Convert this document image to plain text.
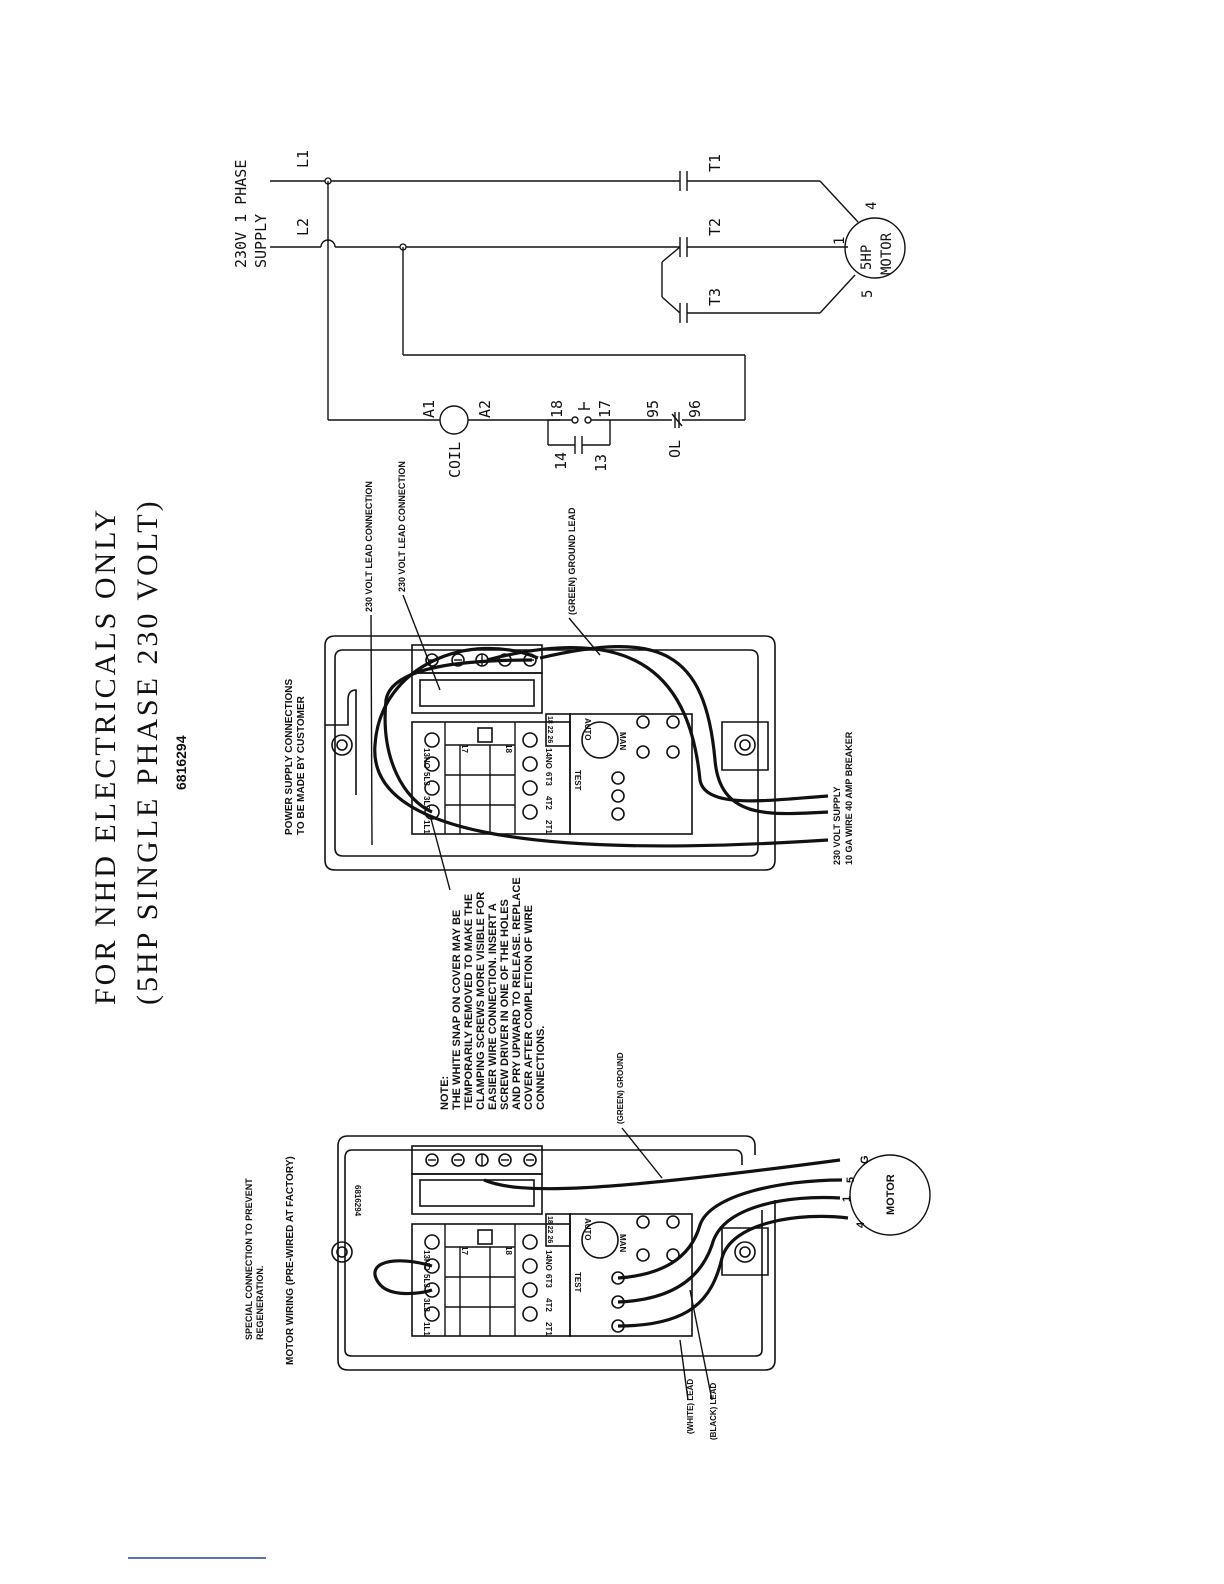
FOR NHD ELECTRICALS ONLY (5HP SINGLE PHASE 230 VOLT) 6816294
230V 1 PHASE SUPPLY
L1
L2
T1
T2
T3
5HP MOTOR
4
1
5
A1	A2
COIL
18 17
14 13
95 96
OL
13NO
5L3
3L2
1L1
14NO
6T3
4T2
2T1
17	18
TEST
AUTO
MAN
18 22 26
230 VOLT LEAD CONNECTION	230 VOLT LEAD CONNECTION	(GREEN) GROUND LEAD
POWER SUPPLY CONNECTIONS TO BE MADE BY CUSTOMER	230 VOLT SUPPLY 10 GA WIRE 40 AMP BREAKER
NOTE: THE WHITE SNAP ON COVER MAY BE TEMPORARILY REMOVED TO MAKE THE CLAMPING SCREWS MORE VISIBLE FOR EASIER WIRE CONNECTION. INSERT A SCREW DRIVER IN ONE OF THE HOLES AND PRY UPWARD TO RELEASE. REPLACE COVER AFTER COMPLETION OF WIRE CONNECTIONS.
6816294
13NO
5L3
3L2
1L1
14NO
6T3
4T2
2T1
17	18
TEST
AUTO
MAN
18 22 26
MOTOR
G
5
1
4
(GREEN) GROUND
(WHITE) LEAD (BLACK) LEAD
SPECIAL CONNECTION TO PREVENT REGENERATION. MOTOR WIRING (PRE-WIRED AT FACTORY)
